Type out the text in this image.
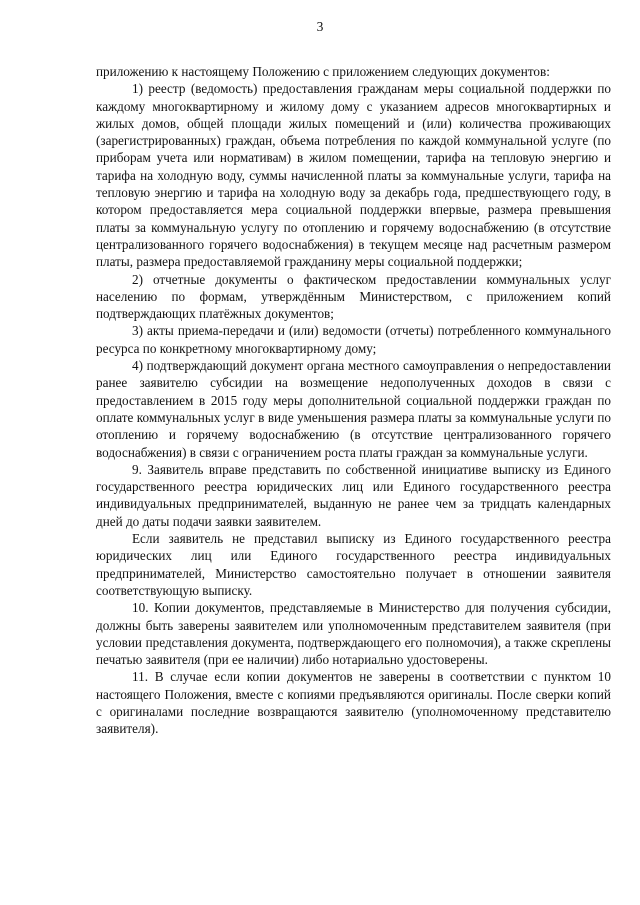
3

приложению к настоящему Положению с приложением следующих документов:

1) реестр (ведомость) предоставления гражданам меры социальной поддержки по каждому многоквартирному и жилому дому с указанием адресов многоквартирных и жилых домов, общей площади жилых помещений и (или) количества проживающих (зарегистрированных) граждан, объема потребления по каждой коммунальной услуге (по приборам учета или нормативам) в жилом помещении, тарифа на тепловую энергию и тарифа на холодную воду, суммы начисленной платы за коммунальные услуги, тарифа на тепловую энергию и тарифа на холодную воду за декабрь года, предшествующего году, в котором предоставляется мера социальной поддержки впервые, размера превышения платы за коммунальную услугу по отоплению и горячему водоснабжению (в отсутствие централизованного горячего водоснабжения) в текущем месяце над расчетным размером платы, размера предоставляемой гражданину меры социальной поддержки;

2) отчетные документы о фактическом предоставлении коммунальных услуг населению по формам, утверждённым Министерством, с приложением копий подтверждающих платёжных документов;

3) акты приема-передачи и (или) ведомости (отчеты) потребленного коммунального ресурса по конкретному многоквартирному дому;

4) подтверждающий документ органа местного самоуправления о непредоставлении ранее заявителю субсидии на возмещение недополученных доходов в связи с предоставлением в 2015 году меры дополнительной социальной поддержки граждан по оплате коммунальных услуг в виде уменьшения размера платы за коммунальные услуги по отоплению и горячему водоснабжению (в отсутствие централизованного горячего водоснабжения) в связи с ограничением роста платы граждан за коммунальные услуги.

9. Заявитель вправе представить по собственной инициативе выписку из Единого государственного реестра юридических лиц или Единого государственного реестра индивидуальных предпринимателей, выданную не ранее чем за тридцать календарных дней до даты подачи заявки заявителем.

Если заявитель не представил выписку из Единого государственного реестра юридических лиц или Единого государственного реестра индивидуальных предпринимателей, Министерство самостоятельно получает в отношении заявителя соответствующую выписку.

10. Копии документов, представляемые в Министерство для получения субсидии, должны быть заверены заявителем или уполномоченным представителем заявителя (при условии представления документа, подтверждающего его полномочия), а также скреплены печатью заявителя (при ее наличии) либо нотариально удостоверены.

11. В случае если копии документов не заверены в соответствии с пунктом 10 настоящего Положения, вместе с копиями предъявляются оригиналы. После сверки копий с оригиналами последние возвращаются заявителю (уполномоченному представителю заявителя).
